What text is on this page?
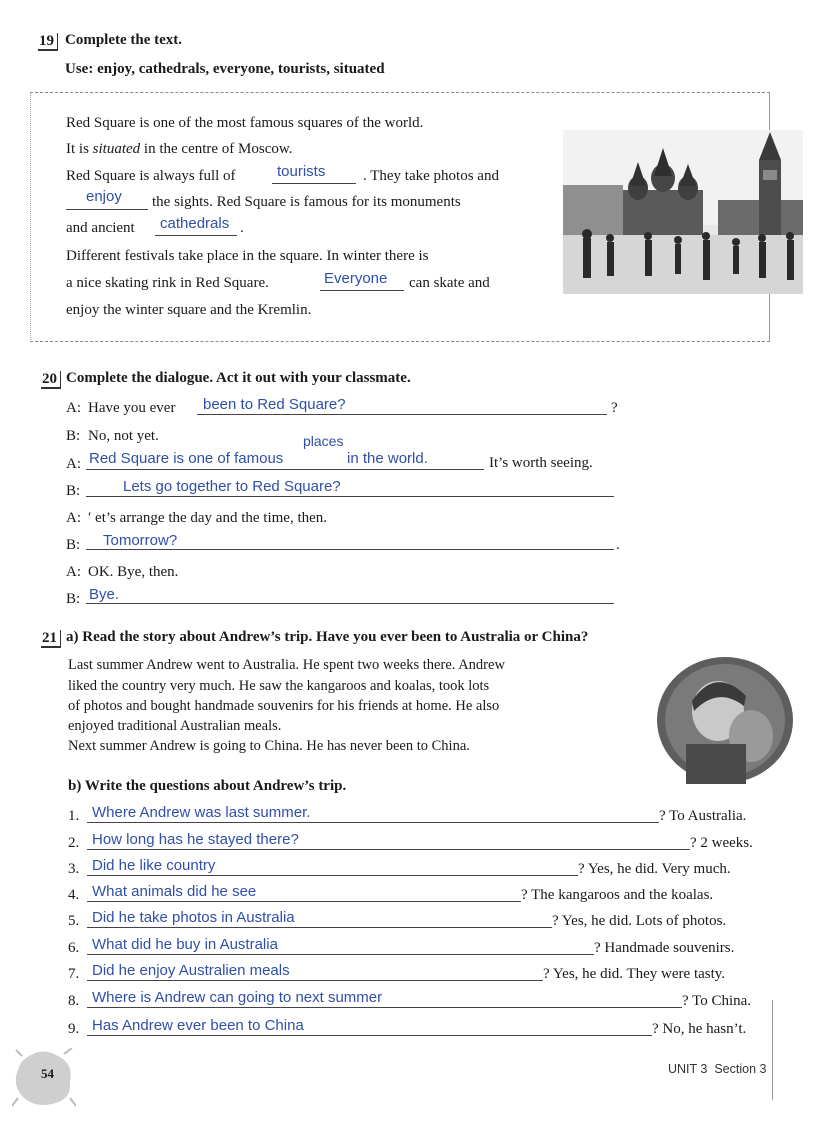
19 Complete the text.
Use: enjoy, cathedrals, everyone, tourists, situated
Red Square is one of the most famous squares of the world.
It is situated in the centre of Moscow.
Red Square is always full of	tourists	. They take photos and
enjoy the sights. Red Square is famous for its monuments
and ancient cathedrals .
Different festivals take place in the square. In winter there is
a nice skating rink in Red Square.	Everyone can skate and
enjoy the winter square and the Kremlin.
20 Complete the dialogue. Act it out with your classmate.
A: Have you ever been to Red Square?	?
B: No, not yet.	places
A: Red Square is one of famous	in the world.	It’s worth seeing.
B:	Lets go together to Red Square?
A: ʹ et’s arrange the day and the time, then.
B: Tomorrow?	.
A: OK. Bye, then.
B: Bye.
21 a) Read the story about Andrew’s trip. Have you ever been to Australia or China?
Last summer Andrew went to Australia. He spent two weeks there. Andrew
liked the country very much. He saw the kangaroos and koalas, took lots
of photos and bought handmade souvenirs for his friends at home. He also
enjoyed traditional Australian meals.
Next summer Andrew is going to China. He has never been to China.
b) Write the questions about Andrew’s trip.
1. Where Andrew was last summer.	? To Australia.
2. How long has he stayed there?	? 2 weeks.
3. Did he like country	? Yes, he did. Very much.
4. What animals did he see	? The kangaroos and the koalas.
5. Did he take photos in Australia	? Yes, he did. Lots of photos.
6. What did he buy in Australia	? Handmade souvenirs.
7. Did he enjoy Australien meals	? Yes, he did. They were tasty.
8. Where is Andrew can going to next summer	? To China.
9. Has Andrew ever been to China	? No, he hasn’t.
54	UNIT 3 Section 3
